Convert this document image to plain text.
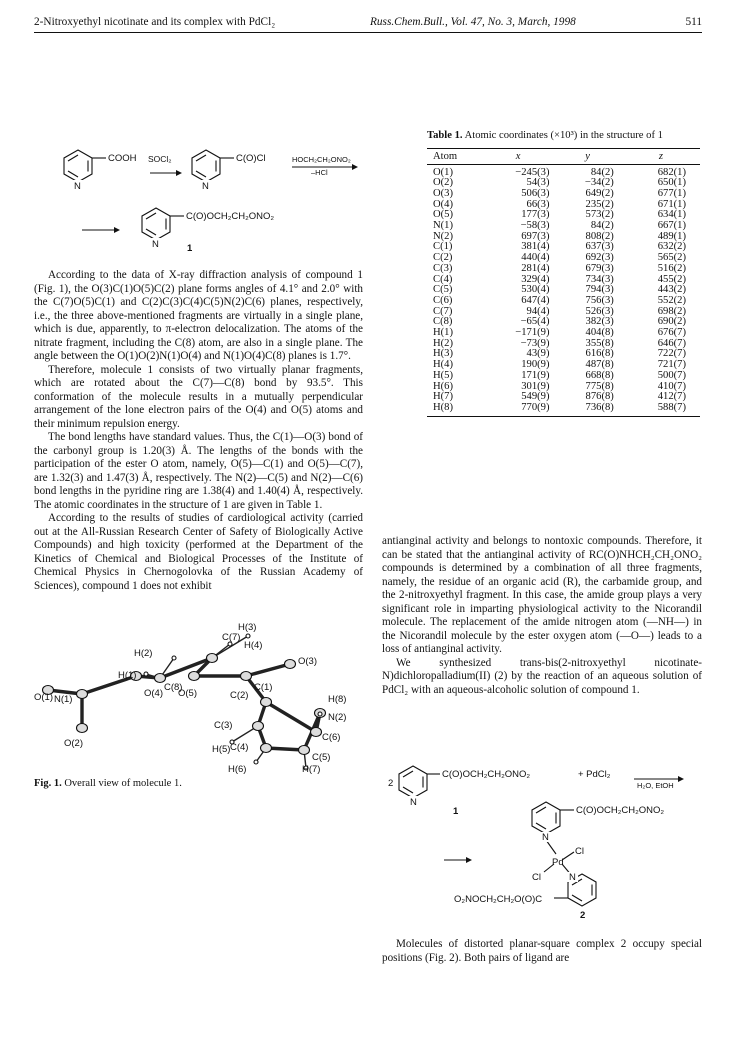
2-Nitroxyethyl nicotinate and its complex with PdCl₂	Russ.Chem.Bull., Vol. 47, No. 3, March, 1998	511
N
COOH SOCl₂
N
C(O)Cl	HOCH₂CH₂ONO₂
–HCl
N
C(O)OCH₂CH₂ONO₂
1

According to the data of X-ray diffraction analysis of compound 1 (Fig. 1), the O(3)C(1)O(5)C(2) plane forms angles of 4.1° and 2.0° with the C(7)O(5)C(1) and C(2)C(3)C(4)C(5)N(2)C(6) planes, respectively, i.e., the three above-mentioned fragments are virtually in a single plane, which is due, apparently, to π-electron delocalization. The atoms of the nitrate fragment, including the C(8) atom, are also in a single plane. The angle between the O(1)O(2)N(1)O(4) and N(1)O(4)C(8) planes is 1.7°.

Therefore, molecule 1 consists of two virtually planar fragments, which are rotated about the C(7)—C(8) bond by 93.5°. This conformation of the molecule results in a mutually perpendicular arrangement of the lone electron pairs of the O(4) and O(5) atoms and their minimum repulsion energy.

The bond lengths have standard values. Thus, the C(1)—O(3) bond of the carbonyl group is 1.20(3) Å. The lengths of the bonds with the participation of the ester O atom, namely, O(5)—C(1) and O(5)—C(7), are 1.32(3) and 1.47(3) Å, respectively. The N(2)—C(5) and N(2)—C(6) bond lengths in the pyridine ring are 1.38(4) and 1.40(4) Å, respectively. The atomic coordinates in the structure of 1 are given in Table 1.

According to the results of studies of cardiological activity (carried out at the All-Russian Research Center of Safety of Biologically Active Compounds) and high toxicity (performed at the Department of the Kinetics of Chemical and Biological Processes of the Institute of Chemical Physics in Chernogolovka of the Russian Academy of Sciences), compound 1 does not exhibit

Table 1. Atomic coordinates (×10³) in the structure of 1
Atom	x	y	z
O(1)	−245(3)	84(2)	682(1)
O(2)	54(3)	−34(2)	650(1)
O(3)	506(3)	649(2)	677(1)
O(4)	66(3)	235(2)	671(1)
O(5)	177(3)	573(2)	634(1)
N(1)	−58(3)	84(2)	667(1)
N(2)	697(3)	808(2)	489(1)
C(1)	381(4)	637(3)	632(2)
C(2)	440(4)	692(3)	565(2)
C(3)	281(4)	679(3)	516(2)
C(4)	329(4)	734(3)	455(2)
C(5)	530(4)	794(3)	443(2)
C(6)	647(4)	756(3)	552(2)
C(7)	94(4)	526(3)	698(2)
C(8)	−65(4)	382(3)	690(2)
H(1)	−171(9)	404(8)	676(7)
H(2)	−73(9)	355(8)	646(7)
H(3)	43(9)	616(8)	722(7)
H(4)	190(9)	487(8)	721(7)
H(5)	171(9)	668(8)	500(7)
H(6)	301(9)	775(8)	410(7)
H(7)	549(9)	876(8)	412(7)
H(8)	770(9)	736(8)	588(7)

antianginal activity and belongs to nontoxic compounds. Therefore, it can be stated that the antianginal activity of RC(O)NHCH₂CH₂ONO₂ compounds is determined by a combination of all three fragments, namely, the residue of an organic acid (R), the carbamide group, and the 2-nitroxyethyl fragment. In this case, the amide group plays a very significant role in imparting physiological activity to the Nicorandil molecule. The replacement of the amide nitrogen atom (—NH—) in the Nicorandil molecule by the ester oxygen atom (—O—) leads to a loss of antianginal activity.

We synthesized trans-bis(2-nitroxyethyl nicotinate-N)dichloropalladium(II) (2) by the reaction of an aqueous solution of PdCl₂ with an aqueous-alcoholic solution of compound 1.

2
N
C(O)OCH₂CH₂ONO₂	+ PdCl₂
H₂O, EtOH
1	C(O)OCH₂CH₂ONO₂
N
Cl
Pd
Cl	N
O₂NOCH₂CH₂O(O)C
2
O(1)
O(2)
O(3)
O(4) O(5)
N(1)
N(2)
C(1)
C(2)
C(3)
C(4)
C(5)
C(6)
C(7)
C(8)
H(1)
H(2)
H(3)
H(4)
H(5)
H(6)	H(7)
H(8)
Fig. 1. Overall view of molecule 1.

Molecules of distorted planar-square complex 2 occupy special positions (Fig. 2). Both pairs of ligand are
